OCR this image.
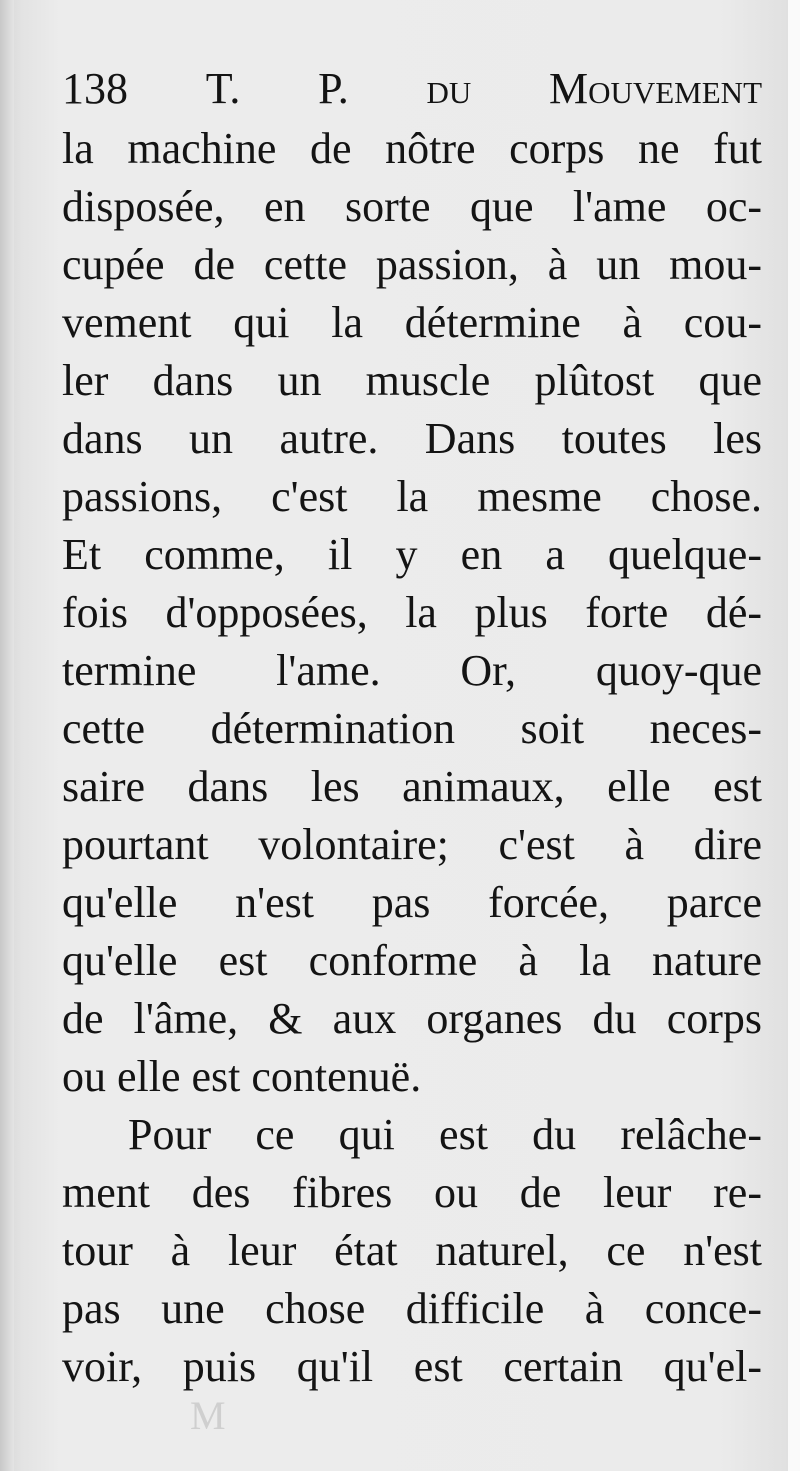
138 T. P. du Mouvement
la machine de nôtre corps ne fut
disposée, en sorte que l'ame oc-
cupée de cette passion, à un mou-
vement qui la détermine à cou-
ler dans un muscle plûtost que
dans un autre. Dans toutes les
passions, c'est la mesme chose.
Et comme, il y en a quelque-
fois d'opposées, la plus forte dé-
termine l'ame. Or, quoy-que
cette détermination soit neces-
saire dans les animaux, elle est
pourtant volontaire; c'est à dire
qu'elle n'est pas forcée, parce
qu'elle est conforme à la nature
de l'âme, & aux organes du corps
ou elle est contenuë.
Pour ce qui est du relâche-
ment des fibres ou de leur re-
tour à leur état naturel, ce n'est
pas une chose difficile à conce-
voir, puis qu'il est certain qu'el-
M
